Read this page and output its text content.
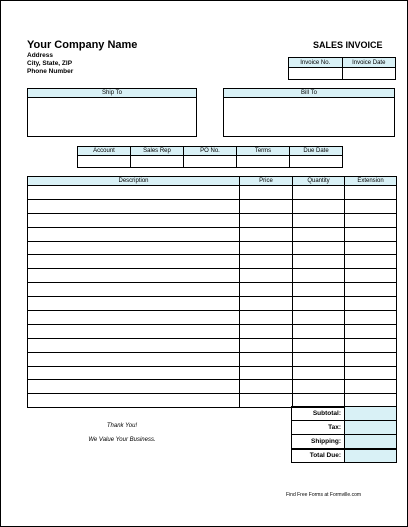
Your Company Name
Address
City, State, ZIP
Phone Number
SALES INVOICE
Invoice No.	Invoice Date

Ship To	Bill To
Account	Sales Rep	PO No.	Terms	Due Date

Description	Price	Quantity	Extension

Thank You!
We Value Your Business.
Subtotal:	
Tax:	
Shipping:	
Total Due:	
Find Free Forms at Formville.com
